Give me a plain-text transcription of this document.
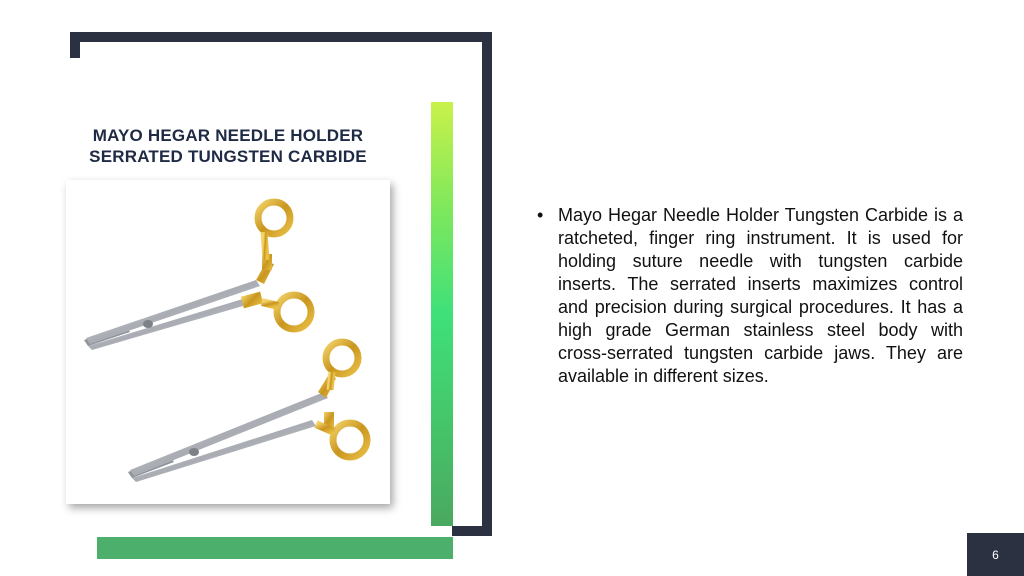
MAYO HEGAR NEEDLE HOLDER
SERRATED TUNGSTEN CARBIDE
• Mayo Hegar Needle Holder Tungsten Carbide is a ratcheted, finger ring instrument. It is used for holding suture needle with tungsten carbide inserts. The serrated inserts maximizes control and precision during surgical procedures. It has a high grade German stainless steel body with cross-serrated tungsten carbide jaws. They are available in different sizes.
6
